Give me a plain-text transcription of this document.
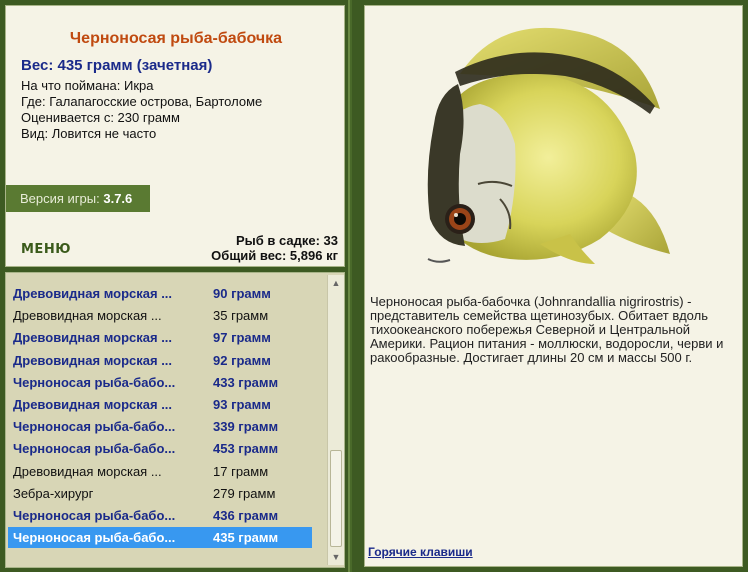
Черноносая рыба-бабочка
Вес: 435 грамм (зачетная)
На что поймана: Икра
Где: Галапагосские острова, Бартоломе
Оценивается с: 230 грамм
Вид: Ловится не часто
Версия игры: 3.7.6
МЕНЮ
Рыб в садке: 33
Общий вес: 5,896 кг
Древовидная морская ...	90 грамм
Древовидная морская ...	35 грамм
Древовидная морская ...	97 грамм
Древовидная морская ...	92 грамм
Черноносая рыба-бабо...	433 грамм
Древовидная морская ...	93 грамм
Черноносая рыба-бабо...	339 грамм
Черноносая рыба-бабо...	453 грамм
Древовидная морская ...	17 грамм
Зебра-хирург	279 грамм
Черноносая рыба-бабо...	436 грамм
Черноносая рыба-бабо...	435 грамм
▲
▼
Черноносая рыба-бабочка (Johnrandallia nigrirostris) - представитель семейства щетинозубых. Обитает вдоль тихоокеанского побережья Северной и Центральной Америки. Рацион питания - моллюски, водоросли, черви и ракообразные. Достигает длины 20 см и массы 500 г.
Горячие клавиши
